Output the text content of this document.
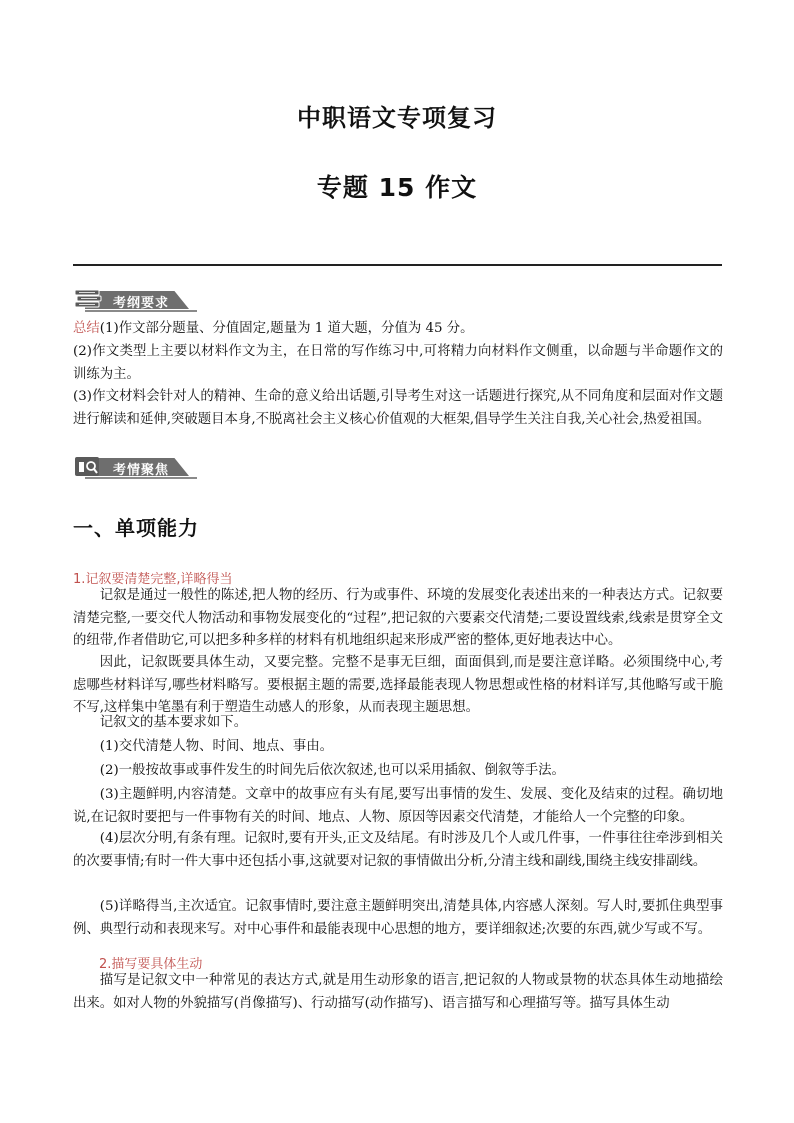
中职语文专项复习
专题 15 作文
考纲要求

总结(1)作文部分题量、分值固定,题量为 1 道大题，分值为 45 分。

(2)作文类型上主要以材料作文为主，在日常的写作练习中,可将精力向材料作文侧重，以命题与半命题作文的训练为主。

(3)作文材料会针对人的精神、生命的意义给出话题,引导考生对这一话题进行探究,从不同角度和层面对作文题进行解读和延伸,突破题目本身,不脱离社会主义核心价值观的大框架,倡导学生关注自我,关心社会,热爱祖国。

考情聚焦
一、单项能力
1.记叙要清楚完整,详略得当

记叙是通过一般性的陈述,把人物的经历、行为或事件、环境的发展变化表述出来的一种表达方式。记叙要清楚完整,一要交代人物活动和事物发展变化的“过程”,把记叙的六要素交代清楚;二要设置线索,线索是贯穿全文的纽带,作者借助它,可以把多种多样的材料有机地组织起来形成严密的整体,更好地表达中心。

因此，记叙既要具体生动，又要完整。完整不是事无巨细，面面俱到,而是要注意详略。必须围绕中心,考虑哪些材料详写,哪些材料略写。要根据主题的需要,选择最能表现人物思想或性格的材料详写,其他略写或干脆不写,这样集中笔墨有利于塑造生动感人的形象，从而表现主题思想。

记叙文的基本要求如下。

(1)交代清楚人物、时间、地点、事由。

(2)一般按故事或事件发生的时间先后依次叙述,也可以采用插叙、倒叙等手法。

(3)主题鲜明,内容清楚。文章中的故事应有头有尾,要写出事情的发生、发展、变化及结束的过程。确切地说,在记叙时要把与一件事物有关的时间、地点、人物、原因等因素交代清楚，才能给人一个完整的印象。

(4)层次分明,有条有理。记叙时,要有开头,正文及结尾。有时涉及几个人或几件事，一件事往往牵涉到相关的次要事情;有时一件大事中还包括小事,这就要对记叙的事情做出分析,分清主线和副线,围绕主线安排副线。

(5)详略得当,主次适宜。记叙事情时,要注意主题鲜明突出,清楚具体,内容感人深刻。写人时,要抓住典型事例、典型行动和表现来写。对中心事件和最能表现中心思想的地方，要详细叙述;次要的东西,就少写或不写。

2.描写要具体生动

描写是记叙文中一种常见的表达方式,就是用生动形象的语言,把记叙的人物或景物的状态具体生动地描绘出来。如对人物的外貌描写(肖像描写)、行动描写(动作描写)、语言描写和心理描写等。描写具体生动
